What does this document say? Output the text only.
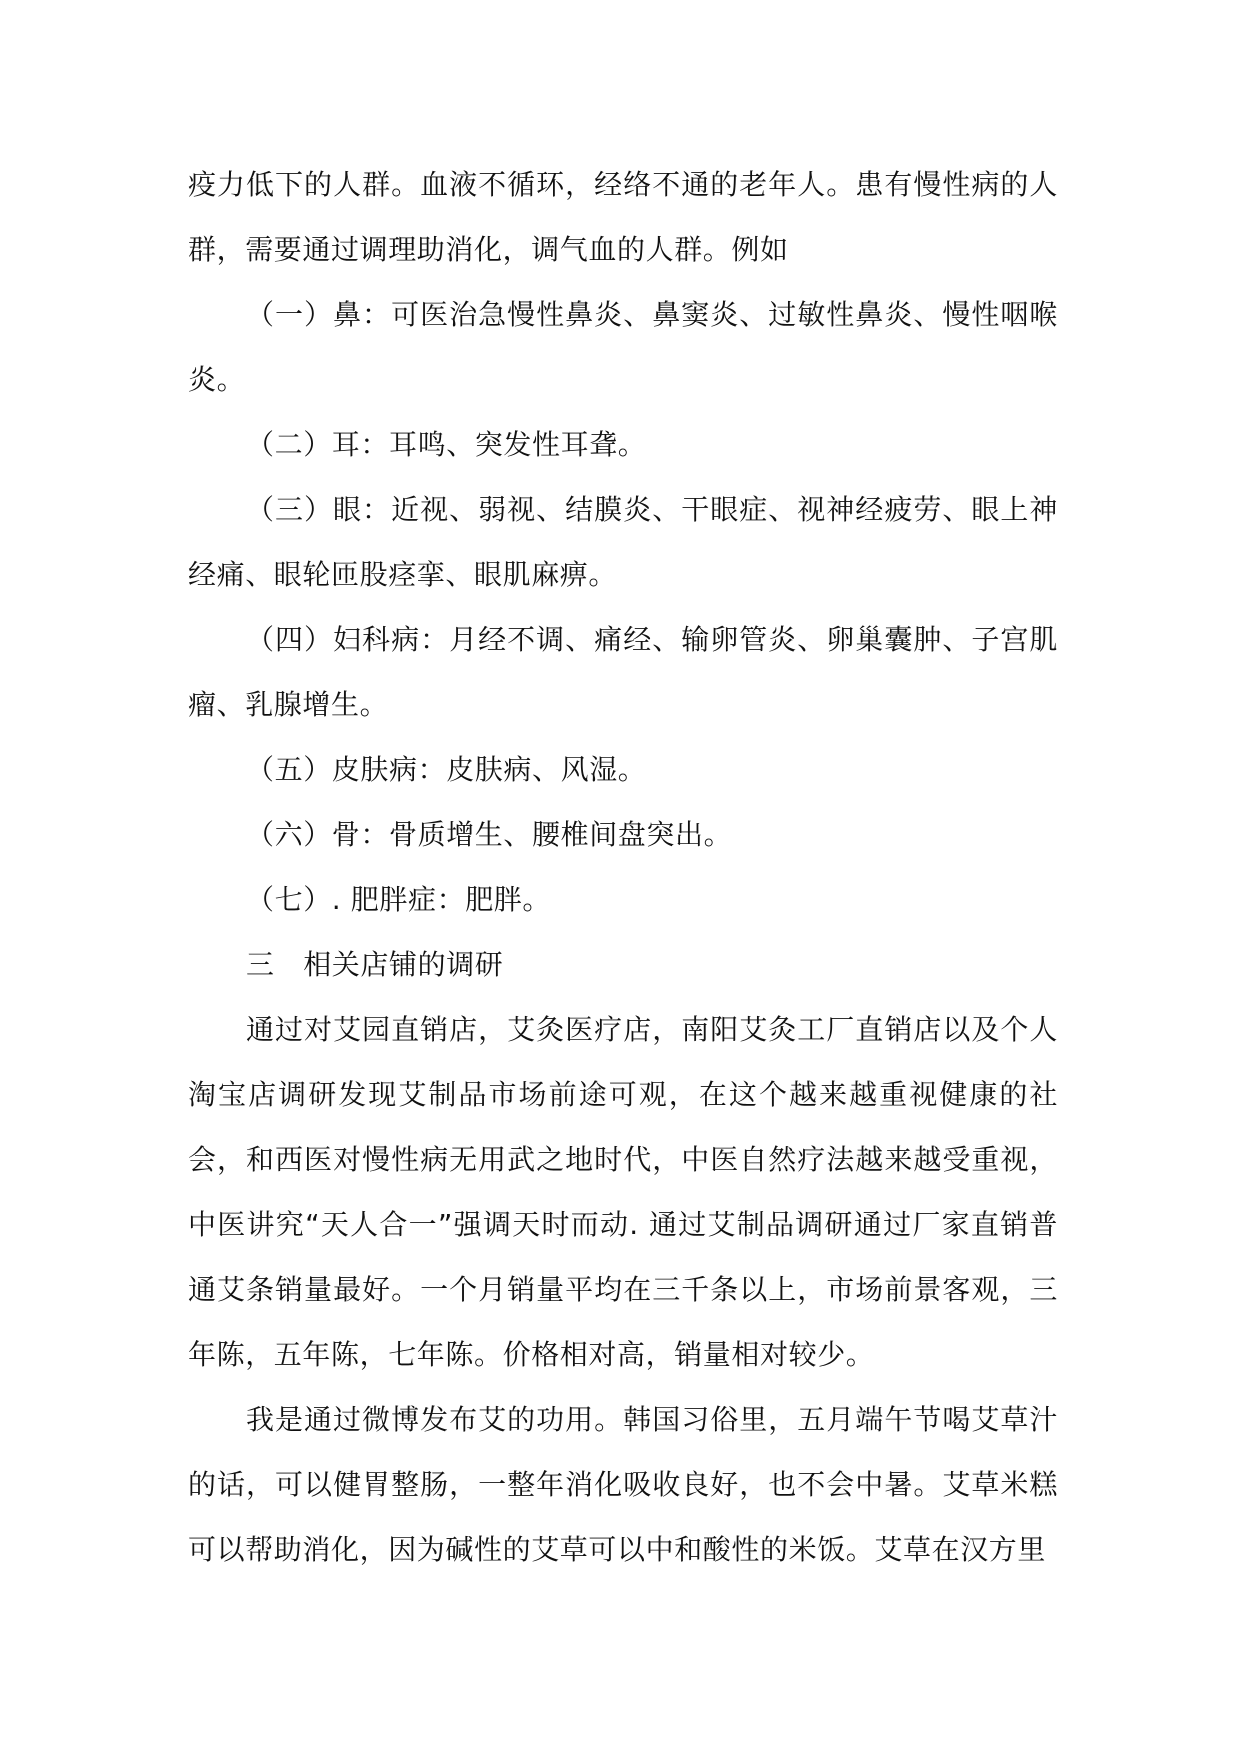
疫力低下的人群。血液不循环，经络不通的老年人。患有慢性病的人群，需要通过调理助消化，调气血的人群。例如

（一）鼻：可医治急慢性鼻炎、鼻窦炎、过敏性鼻炎、慢性咽喉炎。

（二）耳：耳鸣、突发性耳聋。

（三）眼：近视、弱视、结膜炎、干眼症、视神经疲劳、眼上神经痛、眼轮匝股痉挛、眼肌麻痹。

（四）妇科病：月经不调、痛经、输卵管炎、卵巢囊肿、子宫肌瘤、乳腺增生。

（五）皮肤病：皮肤病、风湿。

（六）骨：骨质增生、腰椎间盘突出。

（七）. 肥胖症：肥胖。

三　相关店铺的调研

通过对艾园直销店，艾灸医疗店，南阳艾灸工厂直销店以及个人淘宝店调研发现艾制品市场前途可观，在这个越来越重视健康的社会，和西医对慢性病无用武之地时代，中医自然疗法越来越受重视，中医讲究“天人合一”强调天时而动. 通过艾制品调研通过厂家直销普通艾条销量最好。一个月销量平均在三千条以上，市场前景客观，三年陈，五年陈，七年陈。价格相对高，销量相对较少。

我是通过微博发布艾的功用。韩国习俗里，五月端午节喝艾草汁的话，可以健胃整肠，一整年消化吸收良好，也不会中暑。艾草米糕可以帮助消化，因为碱性的艾草可以中和酸性的米饭。艾草在汉方里
